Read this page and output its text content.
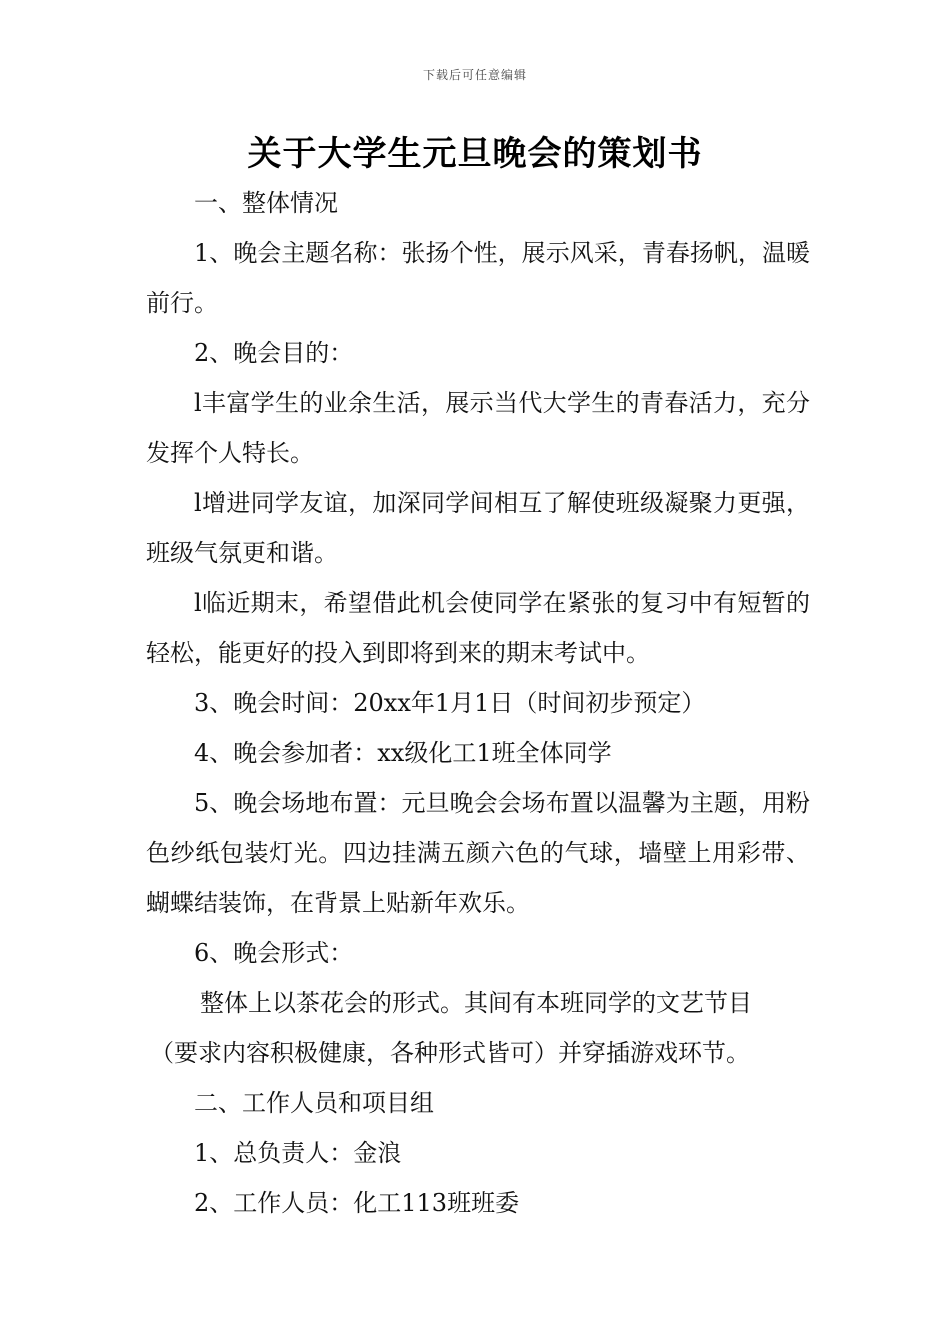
下载后可任意编辑
关于大学生元旦晚会的策划书

一、整体情况

1、晚会主题名称：张扬个性，展示风采，青春扬帆，温暖前行。

2、晚会目的：

l丰富学生的业余生活，展示当代大学生的青春活力，充分发挥个人特长。

l增进同学友谊，加深同学间相互了解使班级凝聚力更强，班级气氛更和谐。

l临近期末，希望借此机会使同学在紧张的复习中有短暂的轻松，能更好的投入到即将到来的期末考试中。

3、晚会时间：20xx年1月1日（时间初步预定）

4、晚会参加者：xx级化工1班全体同学

5、晚会场地布置：元旦晚会会场布置以温馨为主题，用粉色纱纸包装灯光。四边挂满五颜六色的气球，墙壁上用彩带、蝴蝶结装饰，在背景上贴新年欢乐。

6、晚会形式：

整体上以茶花会的形式。其间有本班同学的文艺节目

（要求内容积极健康，各种形式皆可）并穿插游戏环节。

二、工作人员和项目组

1、总负责人：金浪

2、工作人员：化工113班班委
